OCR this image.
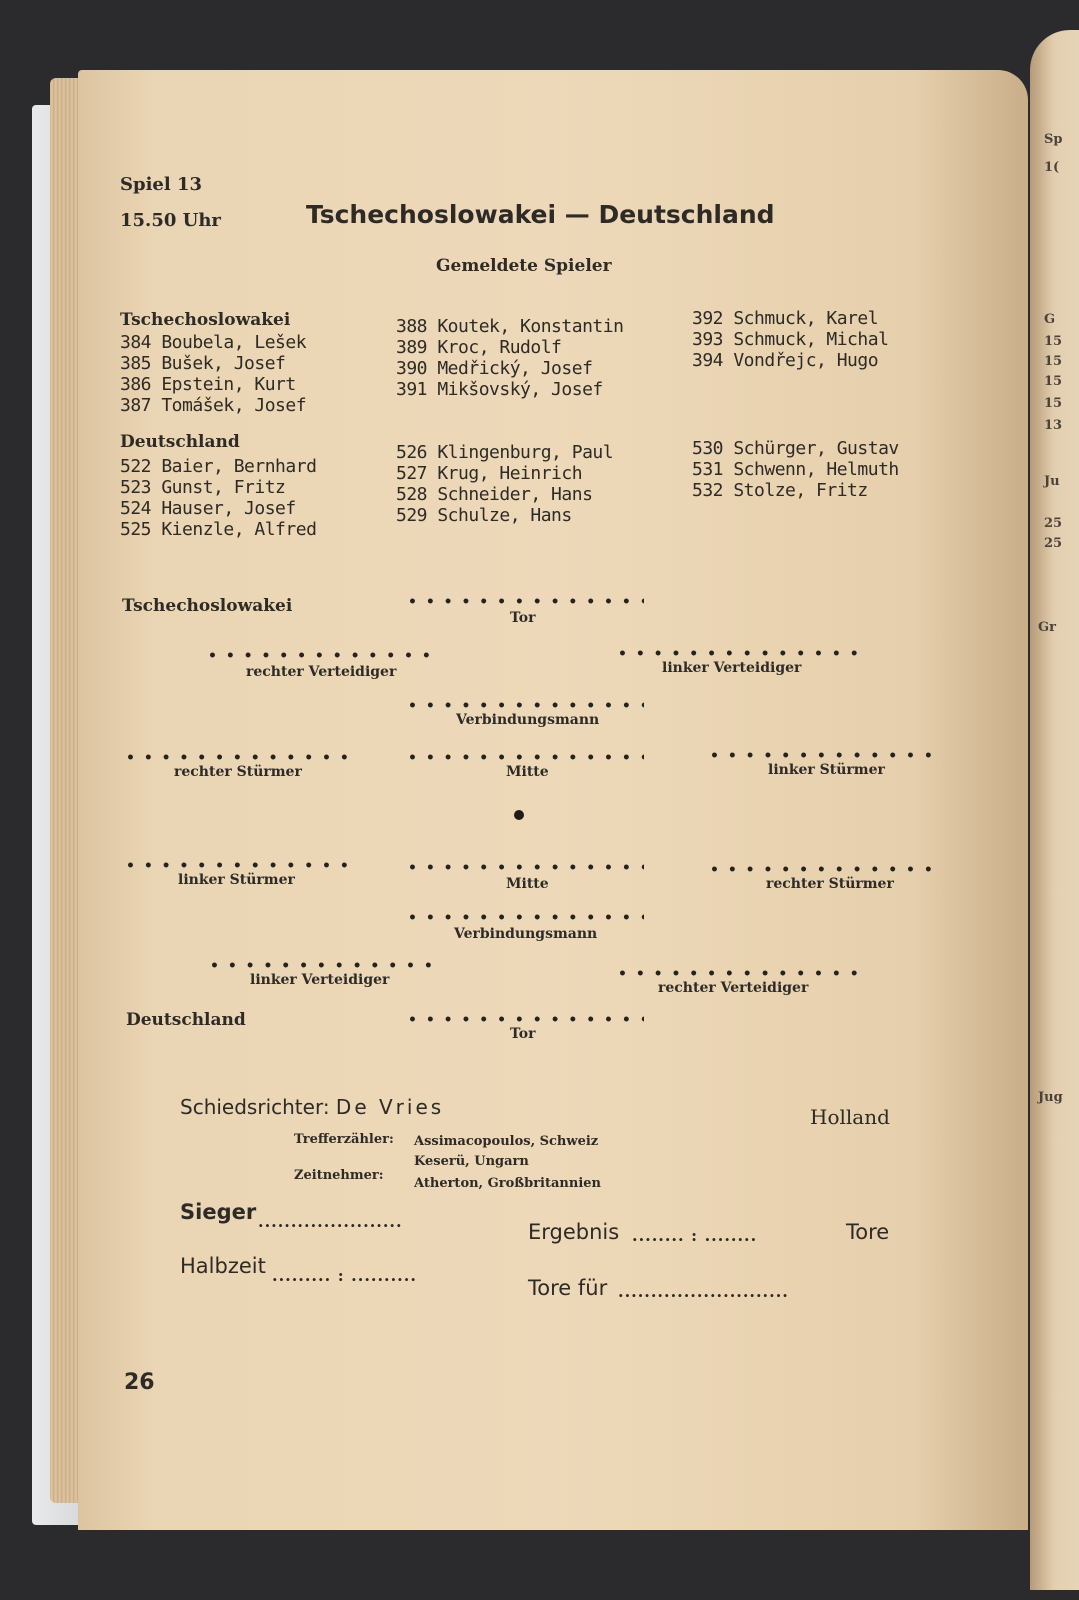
Sp
1(
G
15
15
15
15
13
Ju
25
25
Gr
Jug
Spiel 13
15.50 Uhr	Tschechoslowakei — Deutschland
Gemeldete Spieler
Tschechoslowakei
384 Boubela, Lešek
385 Bušek, Josef
386 Epstein, Kurt
387 Tomášek, Josef
388 Koutek, Konstantin
389 Kroc, Rudolf
390 Medřický, Josef
391 Mikšovský, Josef
392 Schmuck, Karel
393 Schmuck, Michal
394 Vondřejc, Hugo
Deutschland
522 Baier, Bernhard
523 Gunst, Fritz
524 Hauser, Josef
525 Kienzle, Alfred
526 Klingenburg, Paul
527 Krug, Heinrich
528 Schneider, Hans
529 Schulze, Hans
530 Schürger, Gustav
531 Schwenn, Helmuth
532 Stolze, Fritz
Tschechoslowakei
• • •
Tor
• • •
rechter Verteidiger
• • •	linker Verteidiger
• • •
Verbindungsmann
• • •
rechter Stürmer
• • •	Mitte
• • •	linker Stürmer
• • •
linker Stürmer
• • •	Mitte
• • •	rechter Stürmer
• • •
Verbindungsmann
• • •
linker Verteidiger
• • •	rechter Verteidiger
Deutschland
• • •
Tor
Schiedsrichter: De Vries	Holland
Trefferzähler: Assimacopoulos, Schweiz
Keserü, Ungarn
Zeitnehmer:
Atherton, Großbritannien
Sieger ......................	Ergebnis ........ : ........	Tore
Halbzeit ......... : ..........
Tore für ..........................
26
